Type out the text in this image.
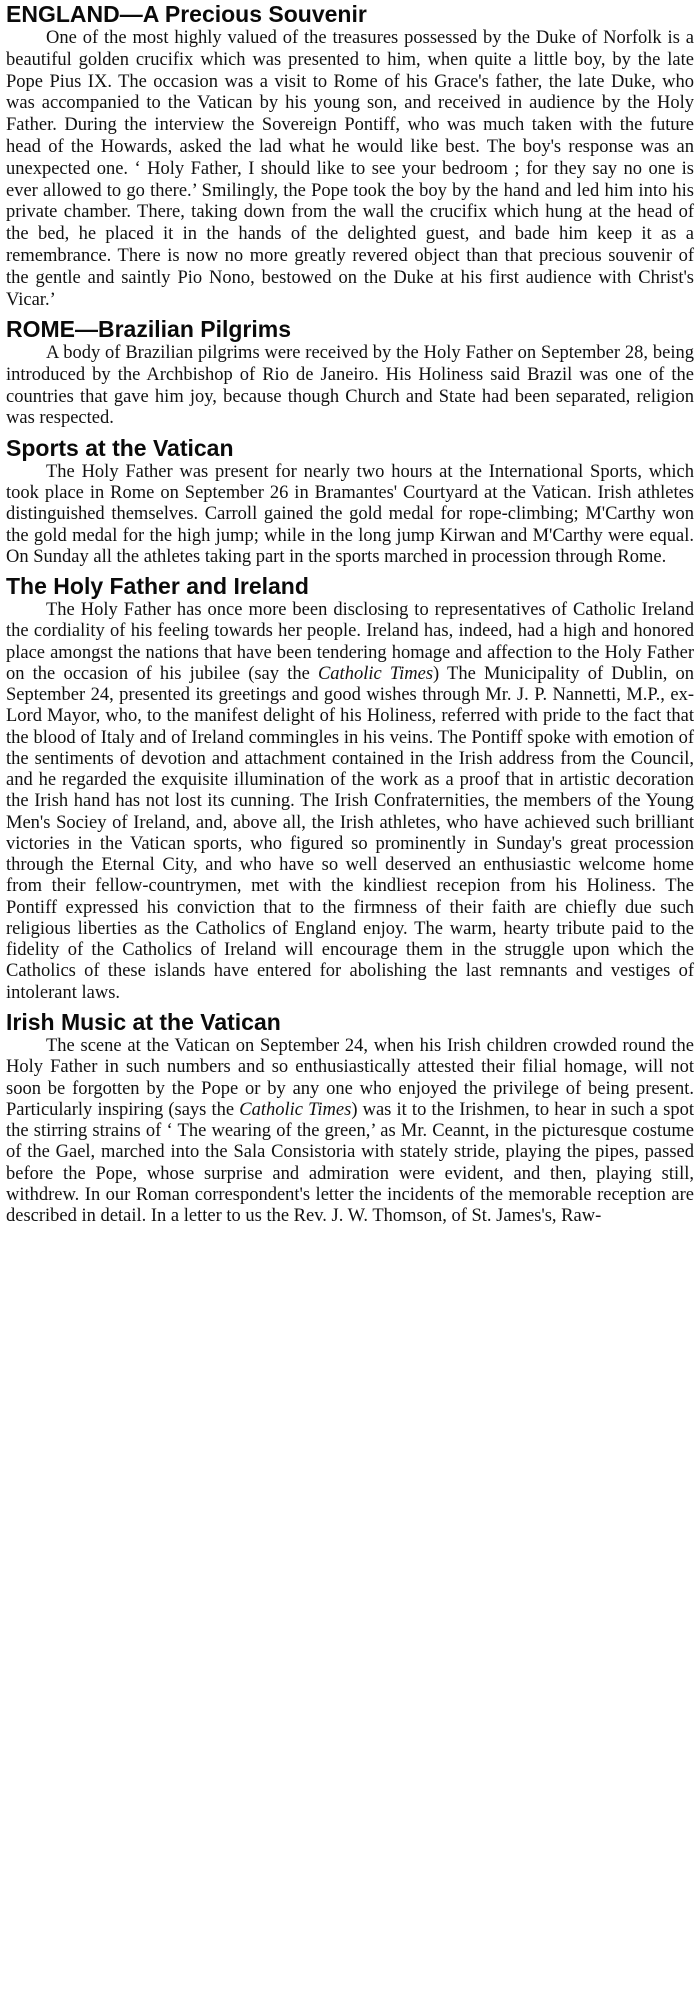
ENGLAND—A Precious Souvenir

One of the most highly valued of the treasures possessed by the Duke of Norfolk is a beautiful golden crucifix which was presented to him, when quite a little boy, by the late Pope Pius IX. The occasion was a visit to Rome of his Grace's father, the late Duke, who was accompanied to the Vatican by his young son, and received in audience by the Holy Father. During the interview the Sovereign Pontiff, who was much taken with the future head of the Howards, asked the lad what he would like best. The boy's response was an unexpected one. ‘ Holy Father, I should like to see your bedroom ; for they say no one is ever allowed to go there.’ Smilingly, the Pope took the boy by the hand and led him into his private chamber. There, taking down from the wall the crucifix which hung at the head of the bed, he placed it in the hands of the delighted guest, and bade him keep it as a remembrance. There is now no more greatly revered object than that precious souvenir of the gentle and saintly Pio Nono, bestowed on the Duke at his first audience with Christ's Vicar.’

ROME—Brazilian Pilgrims

A body of Brazilian pilgrims were received by the Holy Father on September 28, being introduced by the Archbishop of Rio de Janeiro. His Holiness said Brazil was one of the countries that gave him joy, because though Church and State had been separated, religion was respected.

Sports at the Vatican

The Holy Father was present for nearly two hours at the International Sports, which took place in Rome on September 26 in Bramantes' Courtyard at the Vatican. Irish athletes distinguished themselves. Carroll gained the gold medal for rope-climbing; M'Carthy won the gold medal for the high jump; while in the long jump Kirwan and M'Carthy were equal. On Sunday all the athletes taking part in the sports marched in procession through Rome.

The Holy Father and Ireland

The Holy Father has once more been disclosing to representatives of Catholic Ireland the cordiality of his feeling towards her people. Ireland has, indeed, had a high and honored place amongst the nations that have been tendering homage and affection to the Holy Father on the occasion of his jubilee (say the Catholic Times) The Municipality of Dublin, on September 24, presented its greetings and good wishes through Mr. J. P. Nannetti, M.P., ex-Lord Mayor, who, to the manifest delight of his Holiness, referred with pride to the fact that the blood of Italy and of Ireland commingles in his veins. The Pontiff spoke with emotion of the sentiments of devotion and attachment contained in the Irish address from the Council, and he regarded the exquisite illumination of the work as a proof that in artistic decoration the Irish hand has not lost its cunning. The Irish Confraternities, the members of the Young Men's Sociey of Ireland, and, above all, the Irish athletes, who have achieved such brilliant victories in the Vatican sports, who figured so prominently in Sunday's great procession through the Eternal City, and who have so well deserved an enthusiastic welcome home from their fellow-countrymen, met with the kindliest recepion from his Holiness. The Pontiff expressed his conviction that to the firmness of their faith are chiefly due such religious liberties as the Catholics of England enjoy. The warm, hearty tribute paid to the fidelity of the Catholics of Ireland will encourage them in the struggle upon which the Catholics of these islands have entered for abolishing the last remnants and vestiges of intolerant laws.

Irish Music at the Vatican

The scene at the Vatican on September 24, when his Irish children crowded round the Holy Father in such numbers and so enthusiastically attested their filial homage, will not soon be forgotten by the Pope or by any one who enjoyed the privilege of being present. Particularly inspiring (says the Catholic Times) was it to the Irishmen, to hear in such a spot the stirring strains of ‘ The wearing of the green,’ as Mr. Ceannt, in the picturesque costume of the Gael, marched into the Sala Consistoria with stately stride, playing the pipes, passed before the Pope, whose surprise and admiration were evident, and then, playing still, withdrew. In our Roman correspondent's letter the incidents of the memorable reception are described in detail. In a letter to us the Rev. J. W. Thomson, of St. James's, Raw-
